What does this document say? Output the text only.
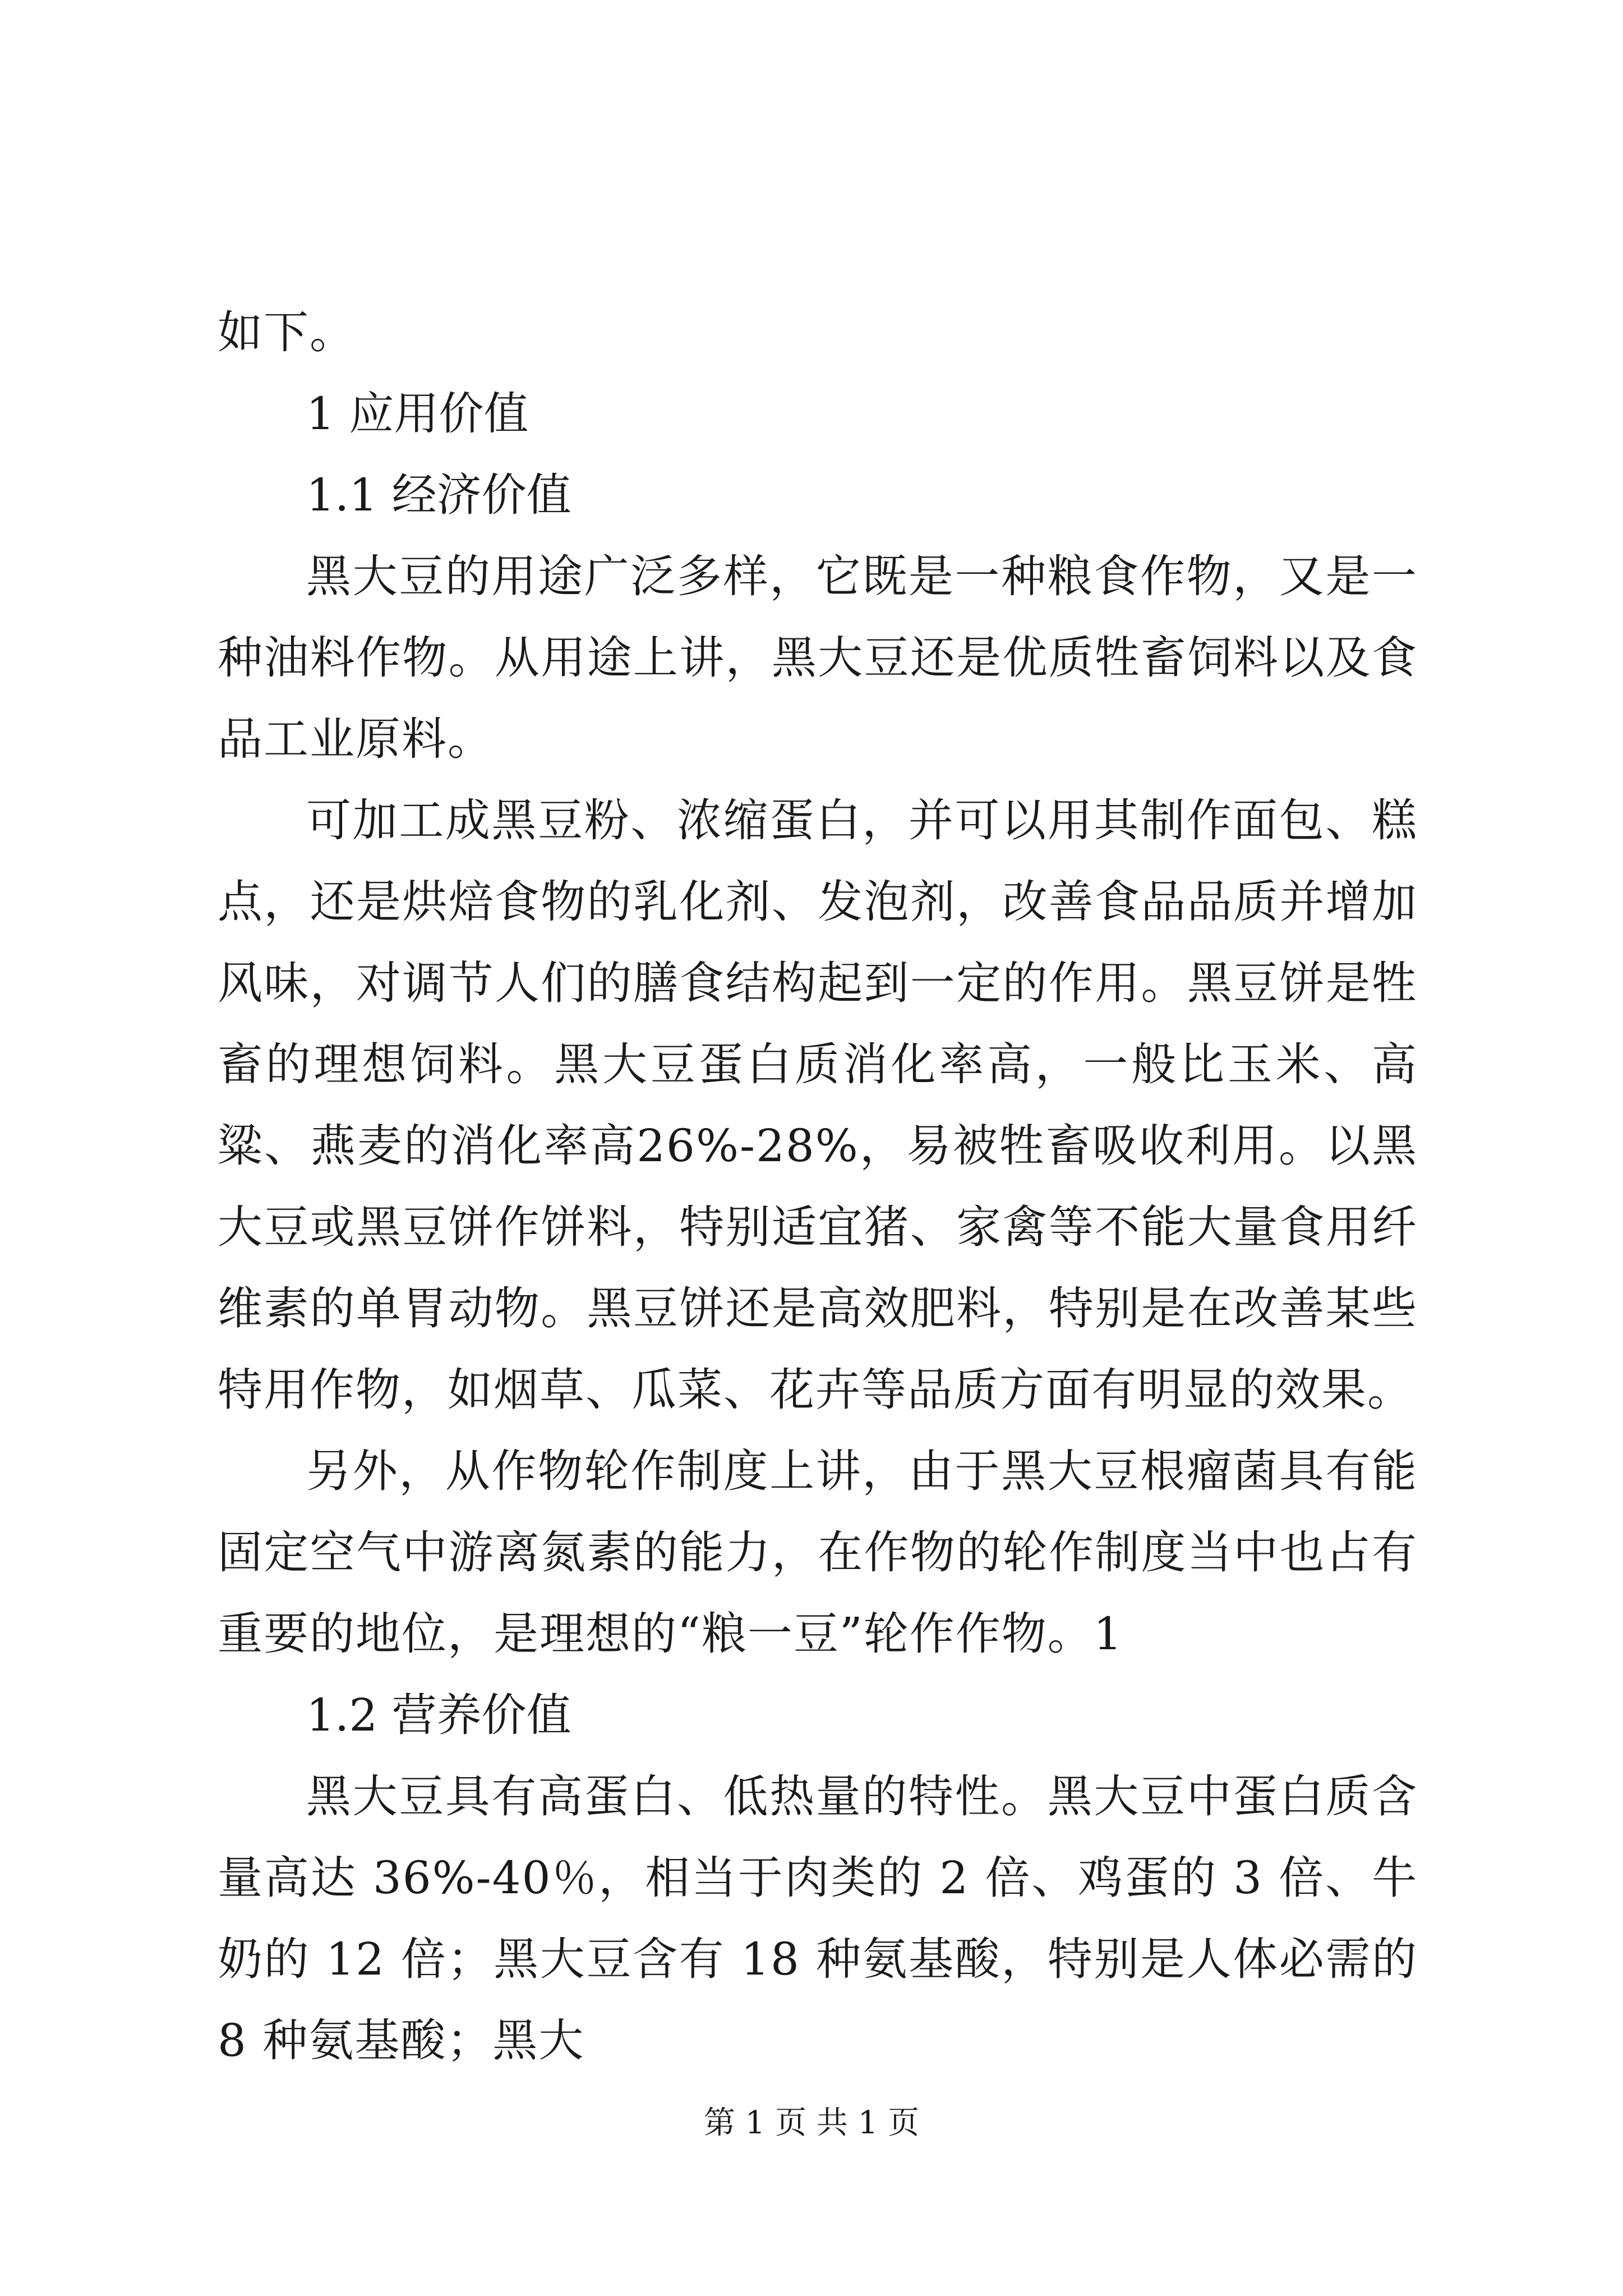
如下。

1 应用价值

1.1 经济价值

黑大豆的用途广泛多样，它既是一种粮食作物，又是一种油料作物。从用途上讲，黑大豆还是优质牲畜饲料以及食品工业原料。

可加工成黑豆粉、浓缩蛋白，并可以用其制作面包、糕点，还是烘焙食物的乳化剂、发泡剂，改善食品品质并增加风味，对调节人们的膳食结构起到一定的作用。黑豆饼是牲畜的理想饲料。黑大豆蛋白质消化率高，一般比玉米、高粱、燕麦的消化率高26%-28%，易被牲畜吸收利用。以黑大豆或黑豆饼作饼料，特别适宜猪、家禽等不能大量食用纤维素的单胃动物。黑豆饼还是高效肥料，特别是在改善某些特用作物，如烟草、瓜菜、花卉等品质方面有明显的效果。

另外，从作物轮作制度上讲，由于黑大豆根瘤菌具有能固定空气中游离氮素的能力，在作物的轮作制度当中也占有重要的地位，是理想的“粮一豆”轮作作物。1

1.2 营养价值

黑大豆具有高蛋白、低热量的特性。黑大豆中蛋白质含量高达 36%-40％，相当于肉类的 2 倍、鸡蛋的 3 倍、牛奶的 12 倍；黑大豆含有 18 种氨基酸，特别是人体必需的 8 种氨基酸；黑大

第 1 页 共 1 页
